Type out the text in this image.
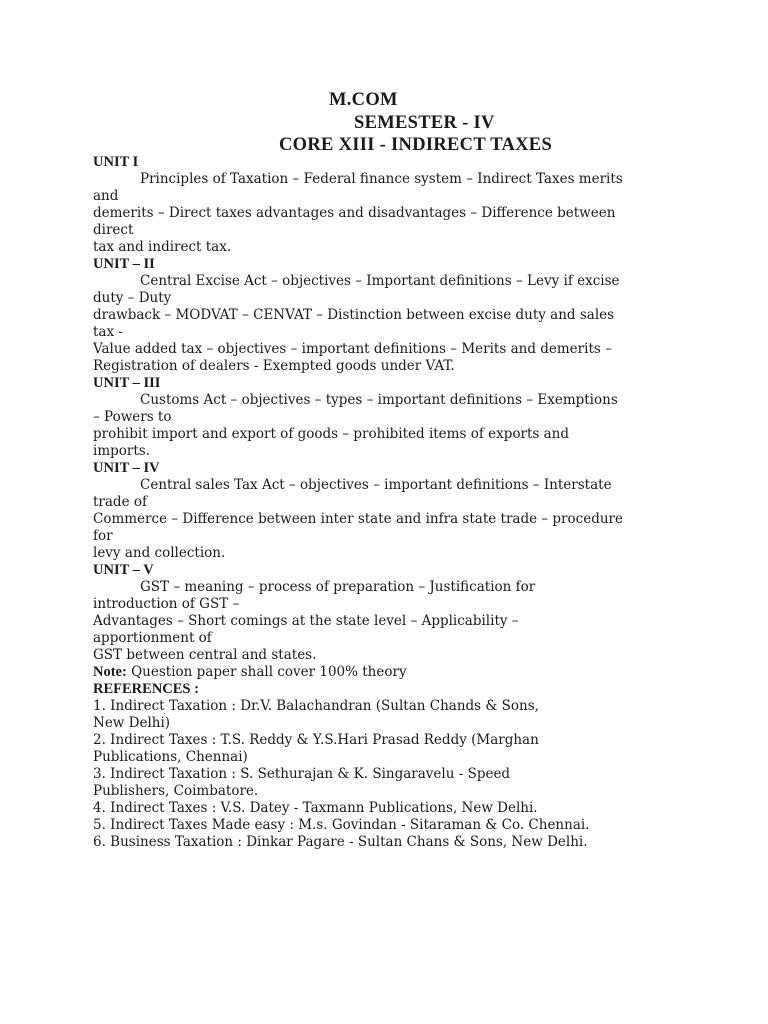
M.COM
SEMESTER - IV
CORE XIII - INDIRECT TAXES
UNIT I
Principles of Taxation – Federal finance system – Indirect Taxes merits
and
demerits – Direct taxes advantages and disadvantages – Difference between
direct
tax and indirect tax.
UNIT – II
Central Excise Act – objectives – Important definitions – Levy if excise
duty – Duty
drawback – MODVAT – CENVAT – Distinction between excise duty and sales
tax -
Value added tax – objectives – important definitions – Merits and demerits –
Registration of dealers - Exempted goods under VAT.
UNIT – III
Customs Act – objectives – types – important definitions – Exemptions
– Powers to
prohibit import and export of goods – prohibited items of exports and
imports.
UNIT – IV
Central sales Tax Act – objectives – important definitions – Interstate
trade of
Commerce – Difference between inter state and infra state trade – procedure
for
levy and collection.
UNIT – V
GST – meaning – process of preparation – Justification for
introduction of GST –
Advantages – Short comings at the state level – Applicability –
apportionment of
GST between central and states.
Note: Question paper shall cover 100% theory
REFERENCES :
1. Indirect Taxation : Dr.V. Balachandran (Sultan Chands & Sons,
New Delhi)
2. Indirect Taxes : T.S. Reddy & Y.S.Hari Prasad Reddy (Marghan
Publications, Chennai)
3. Indirect Taxation : S. Sethurajan & K. Singaravelu - Speed
Publishers, Coimbatore.
4. Indirect Taxes : V.S. Datey - Taxmann Publications, New Delhi.
5. Indirect Taxes Made easy : M.s. Govindan - Sitaraman & Co. Chennai.
6. Business Taxation : Dinkar Pagare - Sultan Chans & Sons, New Delhi.
